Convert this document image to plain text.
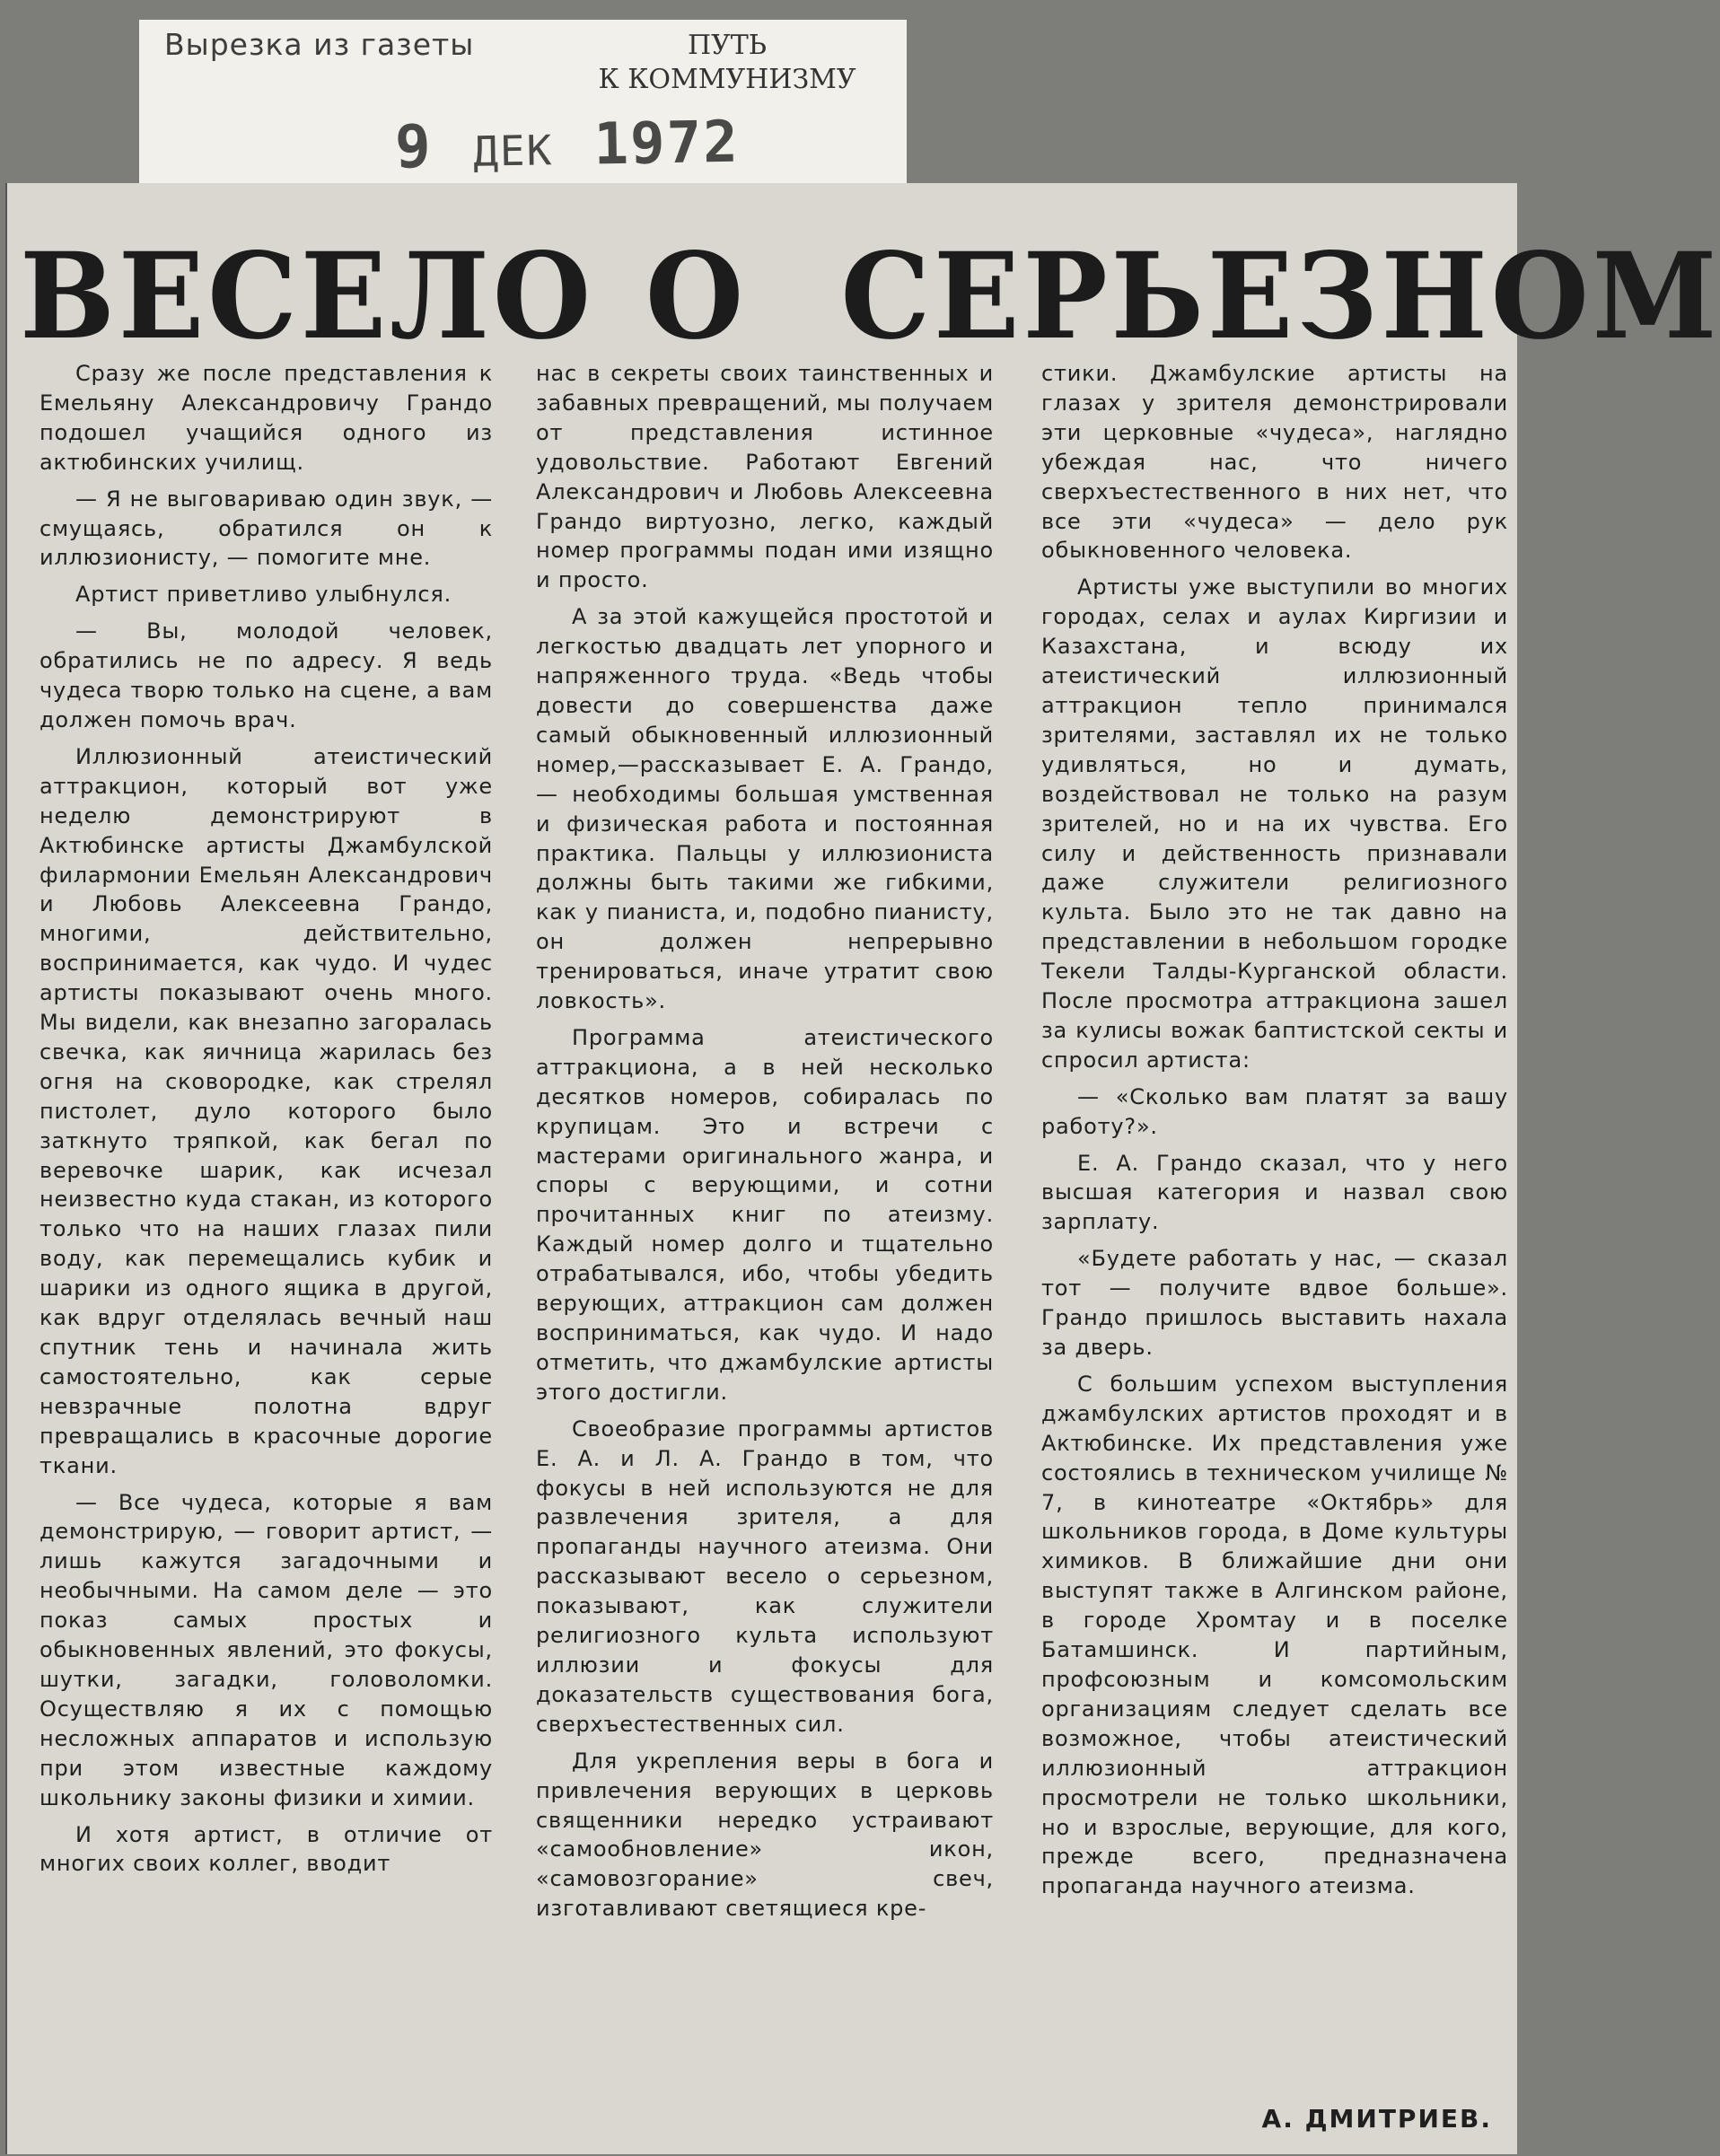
Вырезка из газеты	ПУТЬ
К КОММУНИЗМУ
9 ДЕК 1972
ВЕСЕЛО О СЕРЬЕЗНОМ

Сразу же после представления к Емельяну Александровичу Грандо подошел учащийся одного из актюбинских училищ.

— Я не выговариваю один звук, — смущаясь, обратился он к иллюзионисту, — помогите мне.

Артист приветливо улыбнулся.

— Вы, молодой человек, обратились не по адресу. Я ведь чудеса творю только на сцене, а вам должен помочь врач.

Иллюзионный атеистический аттракцион, который вот уже неделю демонстрируют в Актюбинске артисты Джамбулской филармонии Емельян Александрович и Любовь Алексеевна Грандо, многими, действительно, воспринимается, как чудо. И чудес артисты показывают очень много. Мы видели, как внезапно загоралась свечка, как яичница жарилась без огня на сковородке, как стрелял пистолет, дуло которого было заткнуто тряпкой, как бегал по веревочке шарик, как исчезал неизвестно куда стакан, из которого только что на наших глазах пили воду, как перемещались кубик и шарики из одного ящика в другой, как вдруг отделялась вечный наш спутник тень и начинала жить самостоятельно, как серые невзрачные полотна вдруг превращались в красочные дорогие ткани.

— Все чудеса, которые я вам демонстрирую, — говорит артист, — лишь кажутся загадочными и необычными. На самом деле — это показ самых простых и обыкновенных явлений, это фокусы, шутки, загадки, головоломки. Осуществляю я их с помощью несложных аппаратов и использую при этом известные каждому школьнику законы физики и химии.

И хотя артист, в отличие от многих своих коллег, вводит

нас в секреты своих таинственных и забавных превращений, мы получаем от представления истинное удовольствие. Работают Евгений Александрович и Любовь Алексеевна Грандо виртуозно, легко, каждый номер программы подан ими изящно и просто.

А за этой кажущейся простотой и легкостью двадцать лет упорного и напряженного труда. «Ведь чтобы довести до совершенства даже самый обыкновенный иллюзионный номер,—рассказывает Е. А. Грандо, — необходимы большая умственная и физическая работа и постоянная практика. Пальцы у иллюзиониста должны быть такими же гибкими, как у пианиста, и, подобно пианисту, он должен непрерывно тренироваться, иначе утратит свою ловкость».

Программа атеистического аттракциона, а в ней несколько десятков номеров, собиралась по крупицам. Это и встречи с мастерами оригинального жанра, и споры с верующими, и сотни прочитанных книг по атеизму. Каждый номер долго и тщательно отрабатывался, ибо, чтобы убедить верующих, аттракцион сам должен восприниматься, как чудо. И надо отметить, что джамбулские артисты этого достигли.

Своеобразие программы артистов Е. А. и Л. А. Грандо в том, что фокусы в ней используются не для развлечения зрителя, а для пропаганды научного атеизма. Они рассказывают весело о серьезном, показывают, как служители религиозного культа используют иллюзии и фокусы для доказательств существования бога, сверхъестественных сил.

Для укрепления веры в бога и привлечения верующих в церковь священники нередко устраивают «самообновление» икон, «самовозгорание» свеч, изготавливают светящиеся кре-

стики. Джамбулские артисты на глазах у зрителя демонстрировали эти церковные «чудеса», наглядно убеждая нас, что ничего сверхъестественного в них нет, что все эти «чудеса» — дело рук обыкновенного человека.

Артисты уже выступили во многих городах, селах и аулах Киргизии и Казахстана, и всюду их атеистический иллюзионный аттракцион тепло принимался зрителями, заставлял их не только удивляться, но и думать, воздействовал не только на разум зрителей, но и на их чувства. Его силу и действенность признавали даже служители религиозного культа. Было это не так давно на представлении в небольшом городке Текели Талды-Курганской области. После просмотра аттракциона зашел за кулисы вожак баптистской секты и спросил артиста:

— «Сколько вам платят за вашу работу?».

Е. А. Грандо сказал, что у него высшая категория и назвал свою зарплату.

«Будете работать у нас, — сказал тот — получите вдвое больше». Грандо пришлось выставить нахала за дверь.

С большим успехом выступления джамбулских артистов проходят и в Актюбинске. Их представления уже состоялись в техническом училище № 7, в кинотеатре «Октябрь» для школьников города, в Доме культуры химиков. В ближайшие дни они выступят также в Алгинском районе, в городе Хромтау и в поселке Батамшинск. И партийным, профсоюзным и комсомольским организациям следует сделать все возможное, чтобы атеистический иллюзионный аттракцион просмотрели не только школьники, но и взрослые, верующие, для кого, прежде всего, предназначена пропаганда научного атеизма.

А. ДМИТРИЕВ.
